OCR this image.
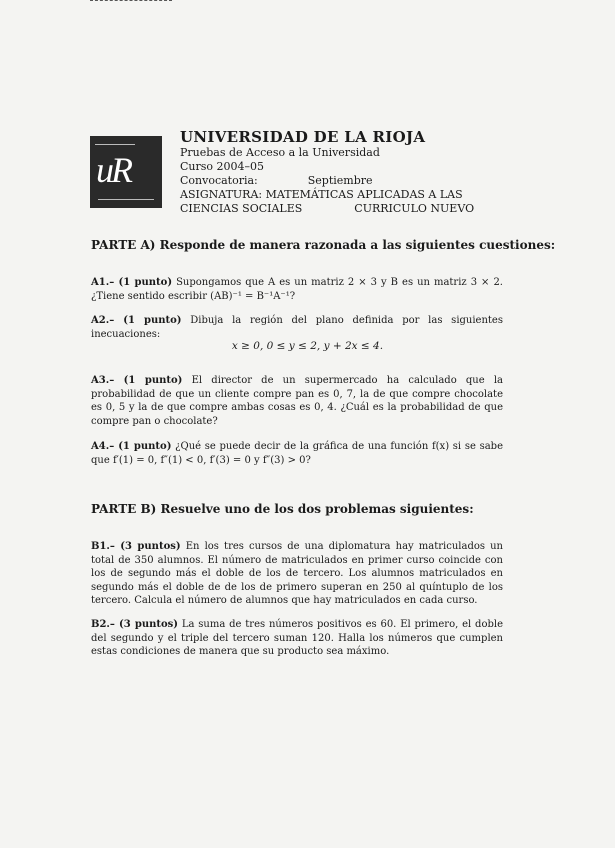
uR
UNIVERSIDAD DE LA RIOJA
Pruebas de Acceso a la Universidad
Curso 2004–05
Convocatoria:	Septiembre
ASIGNATURA:
MATEMÁTICAS APLICADAS A LAS
CIENCIAS SOCIALES	CURRICULO NUEVO
PARTE A) Responde de manera razonada a las siguientes cuestiones:
A1.– (1 punto) Supongamos que A es un matriz 2 × 3 y B es un matriz 3 × 2. ¿Tiene sentido escribir (AB)⁻¹ = B⁻¹A⁻¹?
A2.– (1 punto) Dibuja la región del plano definida por las siguientes inecuaciones:
x ≥ 0, 0 ≤ y ≤ 2, y + 2x ≤ 4.
A3.– (1 punto) El director de un supermercado ha calculado que la probabilidad de que un cliente compre pan es 0, 7, la de que compre chocolate es 0, 5 y la de que compre ambas cosas es 0, 4. ¿Cuál es la probabilidad de que compre pan o chocolate?
A4.– (1 punto) ¿Qué se puede decir de la gráfica de una función f(x) si se sabe que f′(1) = 0, f″(1) < 0, f′(3) = 0 y f″(3) > 0?
PARTE B) Resuelve uno de los dos problemas siguientes:
B1.– (3 puntos) En los tres cursos de una diplomatura hay matriculados un total de 350 alumnos. El número de matriculados en primer curso coincide con los de segundo más el doble de los de tercero. Los alumnos matriculados en segundo más el doble de de los de primero superan en 250 al quíntuplo de los tercero. Calcula el número de alumnos que hay matriculados en cada curso.
B2.– (3 puntos) La suma de tres números positivos es 60. El primero, el doble del segundo y el triple del tercero suman 120. Halla los números que cumplen estas condiciones de manera que su producto sea máximo.
